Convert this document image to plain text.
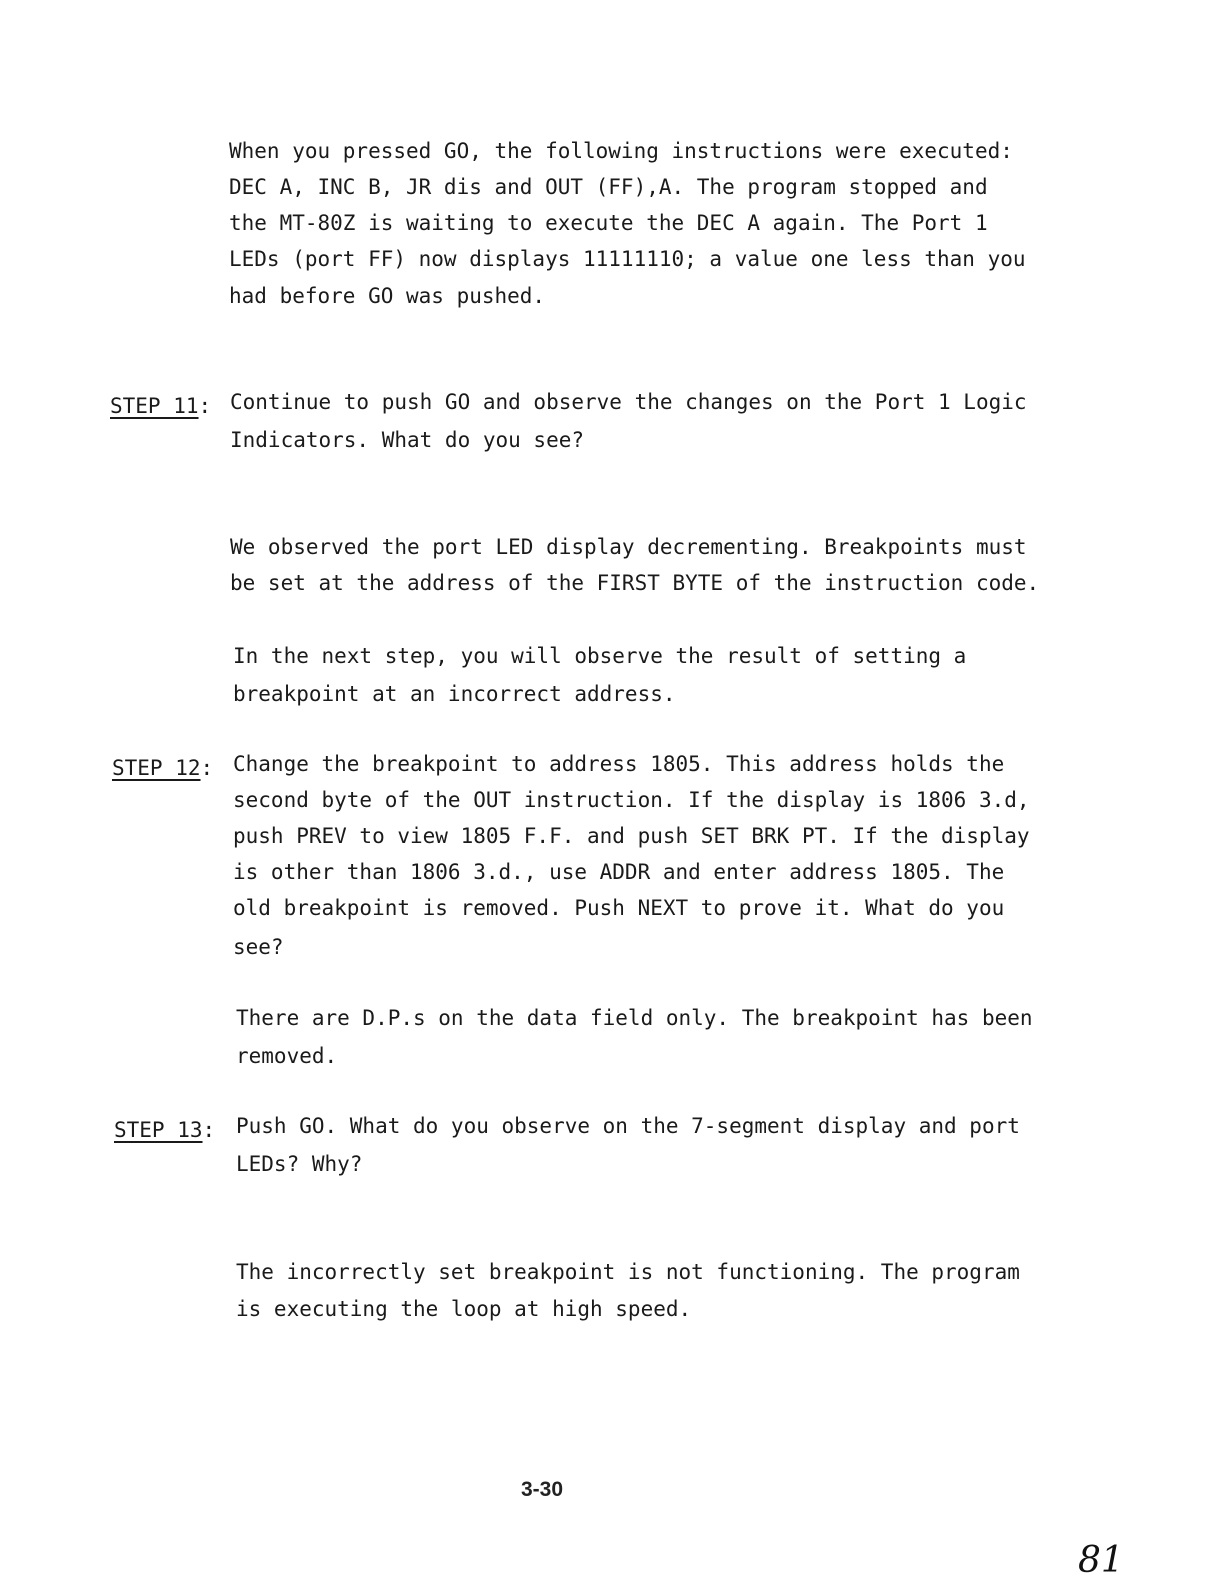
When you pressed GO, the following instructions were executed:
DEC A, INC B, JR dis and OUT (FF),A. The program stopped and
the MT-80Z is waiting to execute the DEC A again. The Port 1
LEDs (port FF) now displays 11111110; a value one less than you
had before GO was pushed.
STEP 11: Continue to push GO and observe the changes on the Port 1 Logic
Indicators. What do you see?
We observed the port LED display decrementing. Breakpoints must
be set at the address of the FIRST BYTE of the instruction code.
In the next step, you will observe the result of setting a
breakpoint at an incorrect address.
STEP 12: Change the breakpoint to address 1805. This address holds the
second byte of the OUT instruction. If the display is 1806 3.d,
push PREV to view 1805 F.F. and push SET BRK PT. If the display
is other than 1806 3.d., use ADDR and enter address 1805. The
old breakpoint is removed. Push NEXT to prove it. What do you
see?
There are D.P.s on the data field only. The breakpoint has been
removed.
STEP 13: Push GO. What do you observe on the 7-segment display and port
LEDs? Why?
The incorrectly set breakpoint is not functioning. The program
is executing the loop at high speed.
3-30
81
